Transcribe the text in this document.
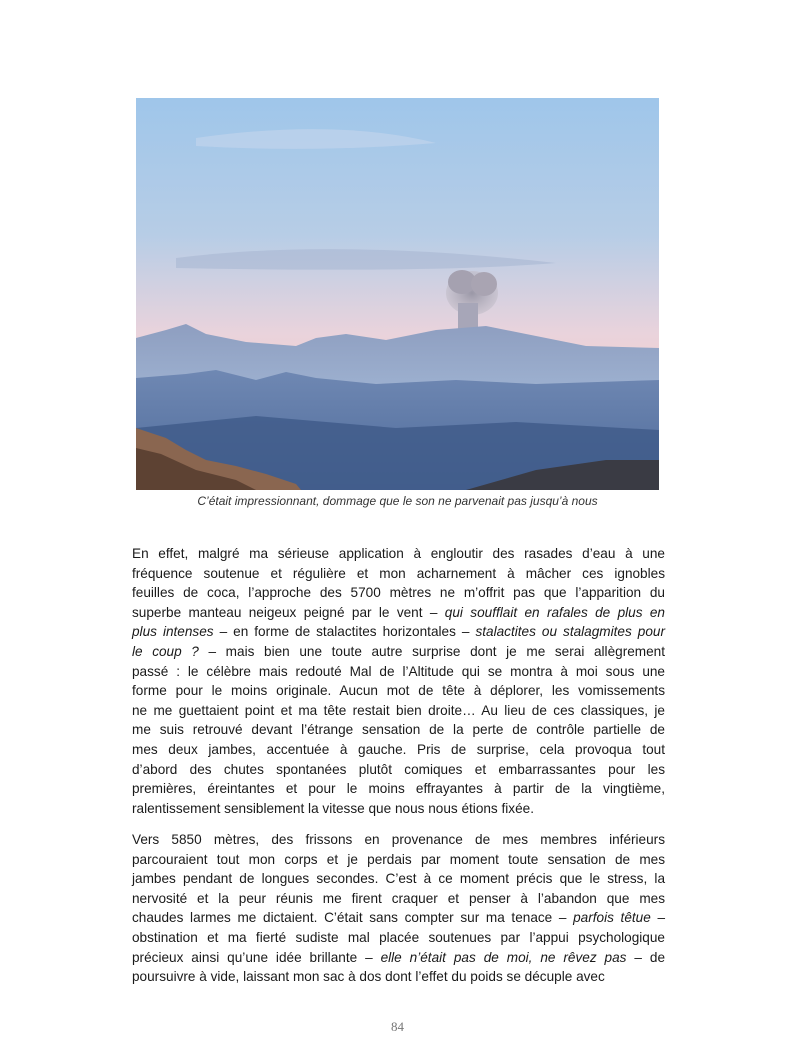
C’était impressionnant, dommage que le son ne parvenait pas jusqu’à nous
En effet, malgré ma sérieuse application à engloutir des rasades d’eau à une
fréquence soutenue et régulière et mon acharnement à mâcher ces ignobles
feuilles de coca, l’approche des 5700 mètres ne m’offrit pas que l’apparition du
superbe manteau neigeux peigné par le vent – qui soufflait en rafales de plus en
plus intenses – en forme de stalactites horizontales – stalactites ou stalagmites pour
le coup ? – mais bien une toute autre surprise dont je me serai allègrement
passé : le célèbre mais redouté Mal de l’Altitude qui se montra à moi sous une
forme pour le moins originale. Aucun mot de tête à déplorer, les vomissements
ne me guettaient point et ma tête restait bien droite… Au lieu de ces classiques, je
me suis retrouvé devant l’étrange sensation de la perte de contrôle partielle de
mes deux jambes, accentuée à gauche. Pris de surprise, cela provoqua tout
d’abord des chutes spontanées plutôt comiques et embarrassantes pour les
premières, éreintantes et pour le moins effrayantes à partir de la vingtième,
ralentissement sensiblement la vitesse que nous nous étions fixée.
Vers 5850 mètres, des frissons en provenance de mes membres inférieurs
parcouraient tout mon corps et je perdais par moment toute sensation de mes
jambes pendant de longues secondes. C’est à ce moment précis que le stress, la
nervosité et la peur réunis me firent craquer et penser à l’abandon que mes
chaudes larmes me dictaient. C’était sans compter sur ma tenace – parfois têtue –
obstination et ma fierté sudiste mal placée soutenues par l’appui psychologique
précieux ainsi qu’une idée brillante – elle n’était pas de moi, ne rêvez pas – de
poursuivre à vide, laissant mon sac à dos dont l’effet du poids se décuple avec
84
